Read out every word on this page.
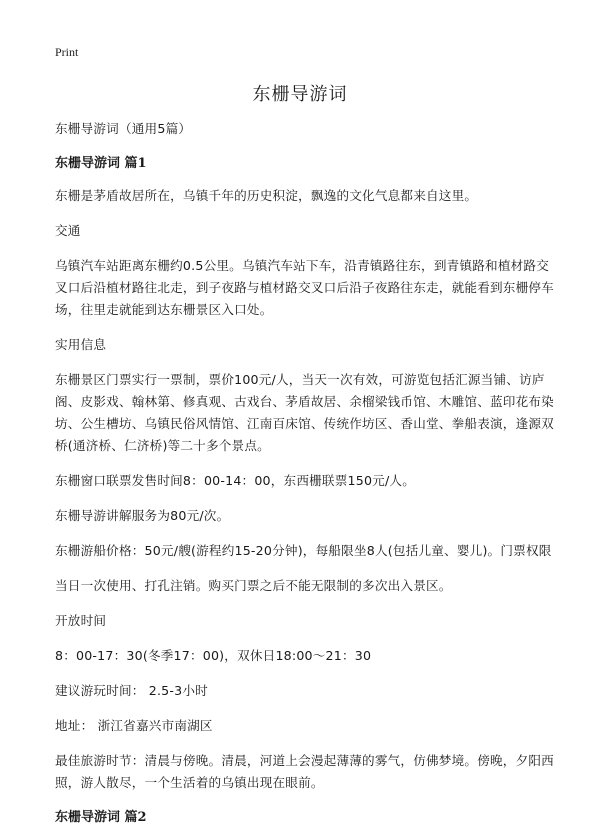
Print
东栅导游词

东栅导游词（通用5篇）

东栅导游词 篇1

东栅是茅盾故居所在，乌镇千年的历史积淀，飘逸的文化气息都来自这里。

交通

乌镇汽车站距离东栅约0.5公里。乌镇汽车站下车，沿青镇路往东，到青镇路和植材路交叉口后沿植材路往北走，到子夜路与植材路交叉口后沿子夜路往东走，就能看到东栅停车场，往里走就能到达东栅景区入口处。

实用信息

东栅景区门票实行一票制，票价100元/人，当天一次有效，可游览包括汇源当铺、访庐阁、皮影戏、翰林第、修真观、古戏台、茅盾故居、余榴梁钱币馆、木雕馆、蓝印花布染坊、公生槽坊、乌镇民俗风情馆、江南百床馆、传统作坊区、香山堂、拳船表演，逢源双桥(通济桥、仁济桥)等二十多个景点。

东栅窗口联票发售时间8：00-14：00，东西栅联票150元/人。

东栅导游讲解服务为80元/次。

东栅游船价格：50元/艘(游程约15-20分钟)，每船限坐8人(包括儿童、婴儿)。门票权限

当日一次使用、打孔注销。购买门票之后不能无限制的多次出入景区。

开放时间

8：00-17：30(冬季17：00)，双休日18:00～21：30

建议游玩时间： 2.5-3小时

地址： 浙江省嘉兴市南湖区

最佳旅游时节：清晨与傍晚。清晨，河道上会漫起薄薄的雾气，仿佛梦境。傍晚，夕阳西照，游人散尽，一个生活着的乌镇出现在眼前。

东栅导游词 篇2
